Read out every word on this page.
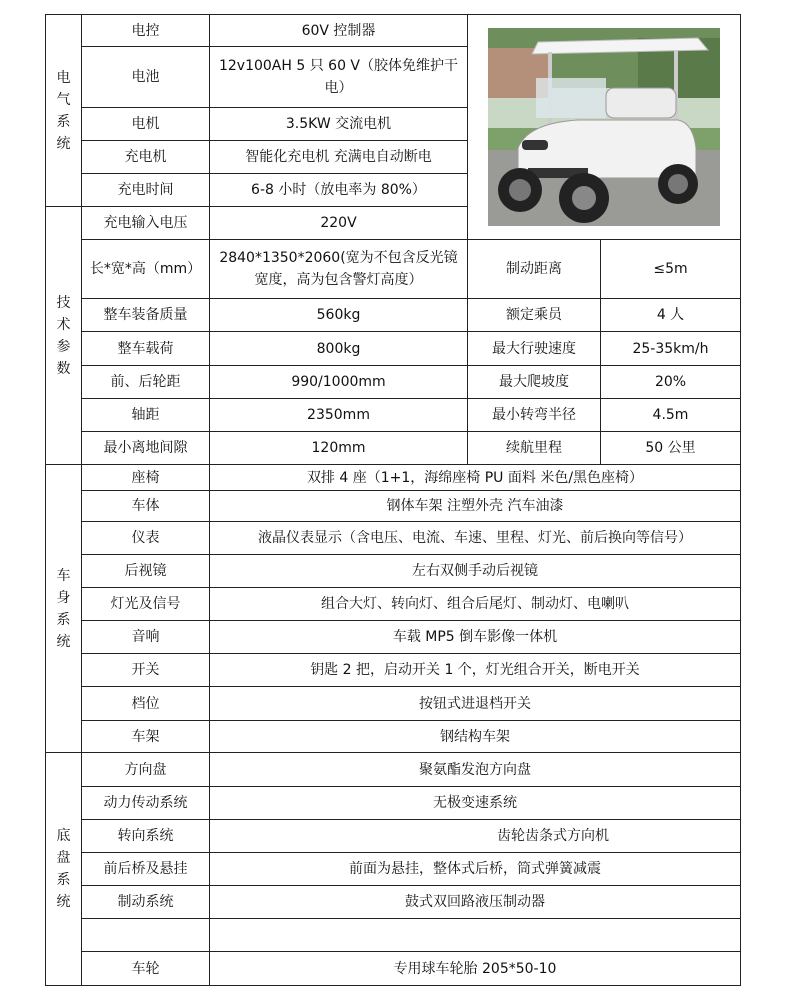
电气系统	电控	60V 控制器	

	电池	12v100AH 5 只 60 V（胶体免维护干电）		
	电机	3.5KW 交流电机		
	充电机	智能化充电机 充满电自动断电		
	充电时间	6-8 小时（放电率为 80%）		

技术参数	充电输入电压	220V		
	长*宽*高（mm）	2840*1350*2060(宽为不包含反光镜宽度，高为包含警灯高度）	制动距离	≤5m
	整车装备质量	560kg	额定乘员	4 人
	整车载荷	800kg	最大行驶速度	25-35km/h
	前、后轮距	990/1000mm	最大爬坡度	20%
	轴距	2350mm	最小转弯半径	4.5m
	最小离地间隙	120mm	续航里程	50 公里

车身系统	座椅	双排 4 座（1+1，海绵座椅 PU 面料 米色/黑色座椅）		
	车体	钢体车架 注塑外壳 汽车油漆		
	仪表	液晶仪表显示（含电压、电流、车速、里程、灯光、前后换向等信号）		
	后视镜	左右双侧手动后视镜		
	灯光及信号	组合大灯、转向灯、组合后尾灯、制动灯、电喇叭		
	音响	车载 MP5 倒车影像一体机		
	开关	钥匙 2 把，启动开关 1 个，灯光组合开关，断电开关		
	档位	按钮式进退档开关		
	车架	钢结构车架		

底盘系统	方向盘	聚氨酯发泡方向盘		
	动力传动系统	无极变速系统		
	转向系统	齿轮齿条式方向机		
	前后桥及悬挂	前面为悬挂，整体式后桥，筒式弹簧减震		
	制动系统	鼓式双回路液压制动器		

	车轮	专用球车轮胎 205*50-10		
